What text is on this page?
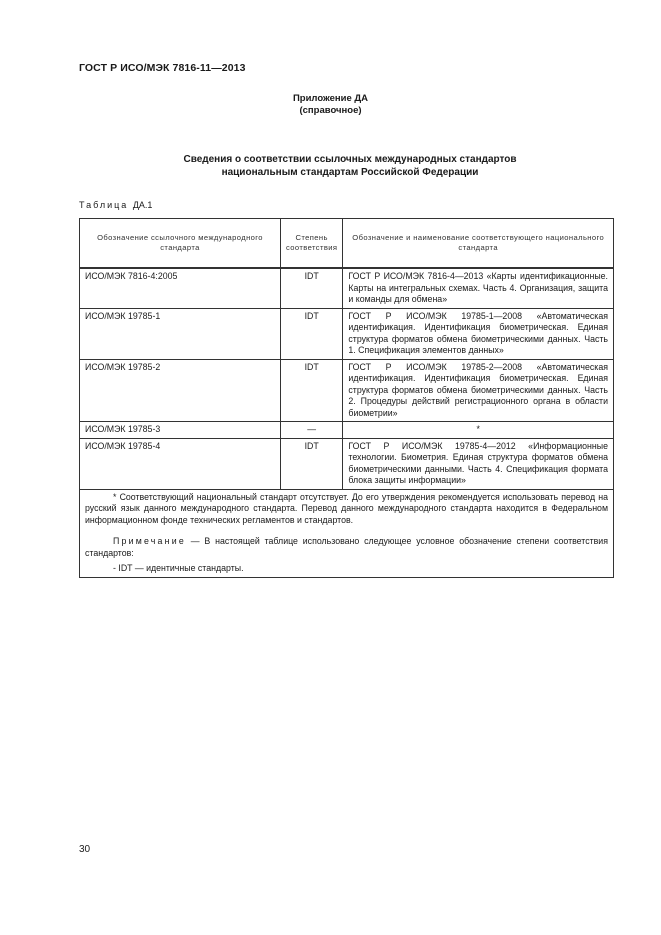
ГОСТ Р ИСО/МЭК 7816-11—2013
Приложение ДА
(справочное)
Сведения о соответствии ссылочных международных стандартов
национальным стандартам Российской Федерации
Таблица ДА.1
Обозначение ссылочного международного стандарта	Степень соответствия	Обозначение и наименование соответствующего национального стандарта
ИСО/МЭК 7816-4:2005	IDT	ГОСТ Р ИСО/МЭК 7816-4—2013 «Карты идентификационные. Карты на интегральных схемах. Часть 4. Организация, защита и команды для обмена»
ИСО/МЭК 19785-1	IDT	ГОСТ Р ИСО/МЭК 19785-1—2008 «Автоматическая идентификация. Идентификация биометрическая. Единая структура форматов обмена биометрическими данных. Часть 1. Спецификация элементов данных»
ИСО/МЭК 19785-2	IDT	ГОСТ Р ИСО/МЭК 19785-2—2008 «Автоматическая идентификация. Идентификация биометрическая. Единая структура форматов обмена биометрическими данных. Часть 2. Процедуры действий регистрационного органа в области биометрии»
ИСО/МЭК 19785-3	—	*
ИСО/МЭК 19785-4	IDT	ГОСТ Р ИСО/МЭК 19785-4—2012 «Информационные технологии. Биометрия. Единая структура форматов обмена биометрическими данными. Часть 4. Спецификация формата блока защиты информации»

* Соответствующий национальный стандарт отсутствует. До его утверждения рекомендуется использовать перевод на русский язык данного международного стандарта. Перевод данного международного стандарта находится в Федеральном информационном фонде технических регламентов и стандартов.

Примечание — В настоящей таблице использовано следующее условное обозначение степени соответствия стандартов:

- IDT — идентичные стандарты.		

30
